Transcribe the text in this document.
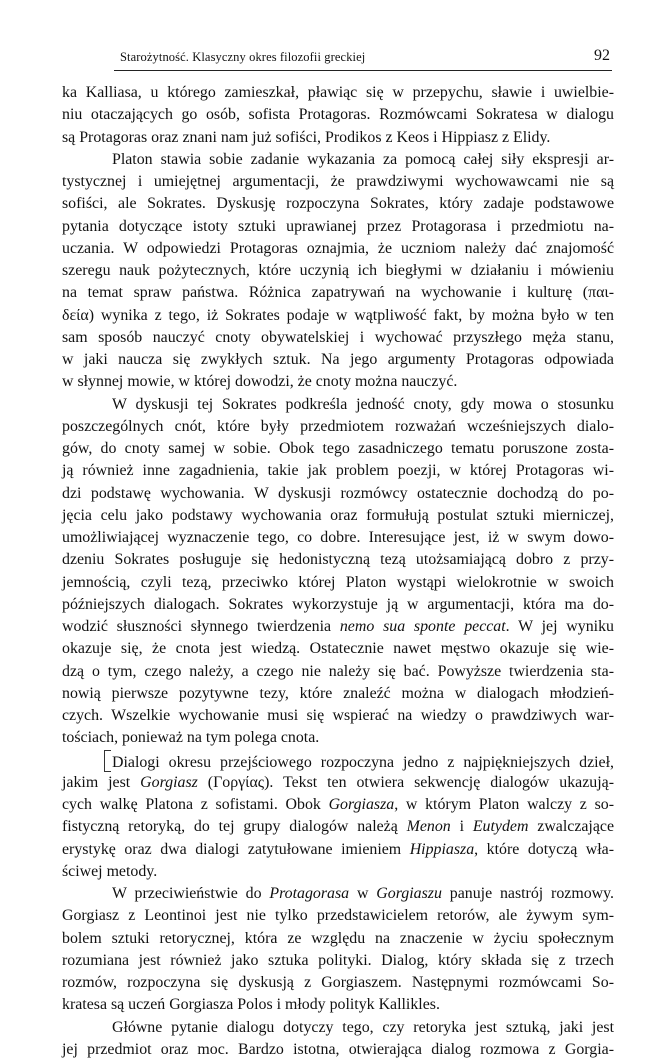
Starożytność. Klasyczny okres filozofii greckiej	92
ka Kalliasa, u którego zamieszkał, pławiąc się w przepychu, sławie i uwielbie-
niu otaczających go osób, sofista Protagoras. Rozmówcami Sokratesa w dialogu
są Protagoras oraz znani nam już sofiści, Prodikos z Keos i Hippiasz z Elidy.
Platon stawia sobie zadanie wykazania za pomocą całej siły ekspresji ar-
tystycznej i umiejętnej argumentacji, że prawdziwymi wychowawcami nie są
sofiści, ale Sokrates. Dyskusję rozpoczyna Sokrates, który zadaje podstawowe
pytania dotyczące istoty sztuki uprawianej przez Protagorasa i przedmiotu na-
uczania. W odpowiedzi Protagoras oznajmia, że uczniom należy dać znajomość
szeregu nauk pożytecznych, które uczynią ich biegłymi w działaniu i mówieniu
na temat spraw państwa. Różnica zapatrywań na wychowanie i kulturę (παι-
δεία) wynika z tego, iż Sokrates podaje w wątpliwość fakt, by można było w ten
sam sposób nauczyć cnoty obywatelskiej i wychować przyszłego męża stanu,
w jaki naucza się zwykłych sztuk. Na jego argumenty Protagoras odpowiada
w słynnej mowie, w której dowodzi, że cnoty można nauczyć.
W dyskusji tej Sokrates podkreśla jedność cnoty, gdy mowa o stosunku
poszczególnych cnót, które były przedmiotem rozważań wcześniejszych dialo-
gów, do cnoty samej w sobie. Obok tego zasadniczego tematu poruszone zosta-
ją również inne zagadnienia, takie jak problem poezji, w której Protagoras wi-
dzi podstawę wychowania. W dyskusji rozmówcy ostatecznie dochodzą do po-
jęcia celu jako podstawy wychowania oraz formułują postulat sztuki mierniczej,
umożliwiającej wyznaczenie tego, co dobre. Interesujące jest, iż w swym dowo-
dzeniu Sokrates posługuje się hedonistyczną tezą utożsamiającą dobro z przy-
jemnością, czyli tezą, przeciwko której Platon wystąpi wielokrotnie w swoich
późniejszych dialogach. Sokrates wykorzystuje ją w argumentacji, która ma do-
wodzić słuszności słynnego twierdzenia nemo sua sponte peccat. W jej wyniku
okazuje się, że cnota jest wiedzą. Ostatecznie nawet męstwo okazuje się wie-
dzą o tym, czego należy, a czego nie należy się bać. Powyższe twierdzenia sta-
nowią pierwsze pozytywne tezy, które znaleźć można w dialogach młodzień-
czych. Wszelkie wychowanie musi się wspierać na wiedzy o prawdziwych war-
tościach, ponieważ na tym polega cnota.
Dialogi okresu przejściowego rozpoczyna jedno z najpiękniejszych dzieł,
jakim jest Gorgiasz (Γοργίας). Tekst ten otwiera sekwencję dialogów ukazują-
cych walkę Platona z sofistami. Obok Gorgiasza, w którym Platon walczy z so-
fistyczną retoryką, do tej grupy dialogów należą Menon i Eutydem zwalczające
erystykę oraz dwa dialogi zatytułowane imieniem Hippiasza, które dotyczą wła-
ściwej metody.
W przeciwieństwie do Protagorasa w Gorgiaszu panuje nastrój rozmowy.
Gorgiasz z Leontinoi jest nie tylko przedstawicielem retorów, ale żywym sym-
bolem sztuki retorycznej, która ze względu na znaczenie w życiu społecznym
rozumiana jest również jako sztuka polityki. Dialog, który składa się z trzech
rozmów, rozpoczyna się dyskusją z Gorgiaszem. Następnymi rozmówcami So-
kratesa są uczeń Gorgiasza Polos i młody polityk Kallikles.
Główne pytanie dialogu dotyczy tego, czy retoryka jest sztuką, jaki jest
jej przedmiot oraz moc. Bardzo istotna, otwierająca dialog rozmowa z Gorgia-
